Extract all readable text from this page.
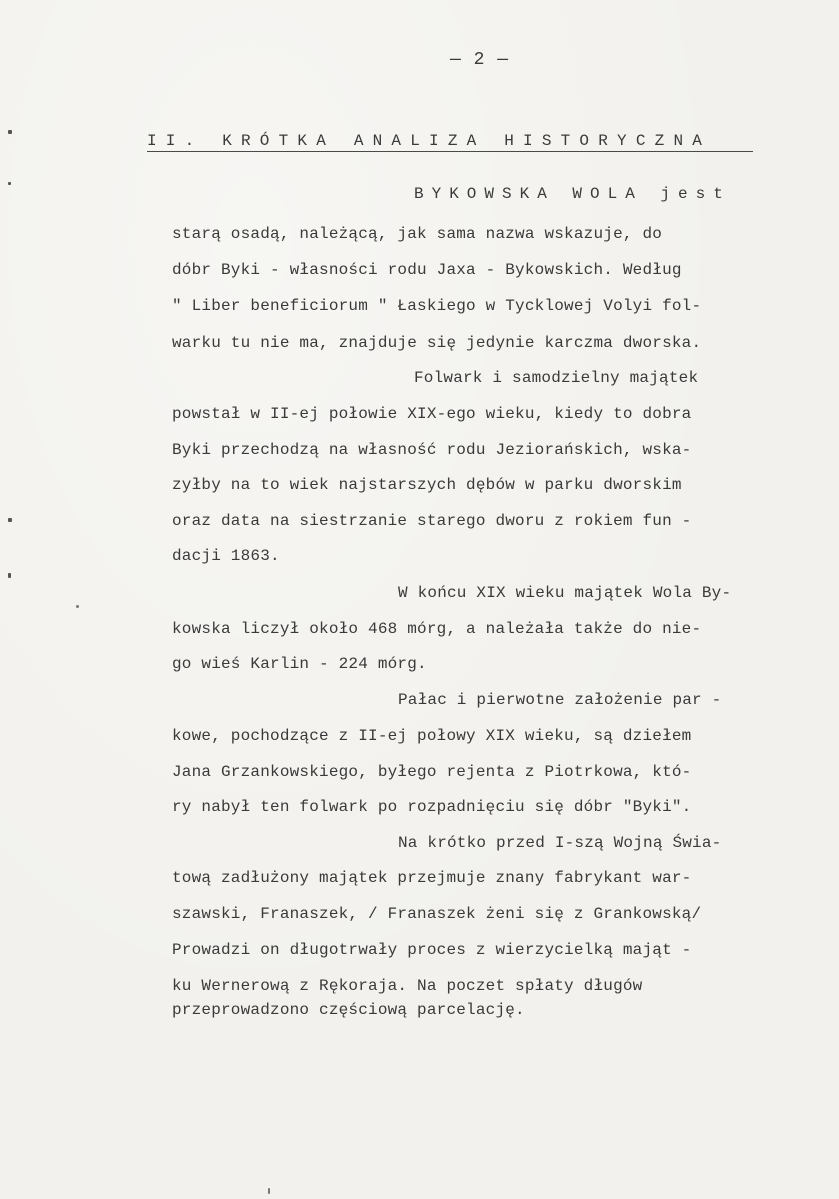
— 2 —
II. KRÓTKA ANALIZA HISTORYCZNA
BYKOWSKA WOLA jest
starą osadą, należącą, jak sama nazwa wskazuje, do
dóbr Byki - własności rodu Jaxa - Bykowskich. Według
" Liber beneficiorum " Łaskiego w Tycklowej Volyi fol-
warku tu nie ma, znajduje się jedynie karczma dworska.
Folwark i samodzielny majątek
powstał w II-ej połowie XIX-ego wieku, kiedy to dobra
Byki przechodzą na własność rodu Jeziorańskich, wska-
zyłby na to wiek najstarszych dębów w parku dworskim
oraz data na siestrzanie starego dworu z rokiem fun -
dacji 1863.
W końcu XIX wieku majątek Wola By-
kowska liczył około 468 mórg, a należała także do nie-
go wieś Karlin - 224 mórg.
Pałac i pierwotne założenie par -
kowe, pochodzące z II-ej połowy XIX wieku, są dziełem
Jana Grzankowskiego, byłego rejenta z Piotrkowa, któ-
ry nabył ten folwark po rozpadnięciu się dóbr "Byki".
Na krótko przed I-szą Wojną Świa-
tową zadłużony majątek przejmuje znany fabrykant war-
szawski, Franaszek, / Franaszek żeni się z Grankowską/
Prowadzi on długotrwały proces z wierzycielką mająt -
ku Wernerową z Rękoraja. Na poczet spłaty długów
przeprowadzono częściową parcelację.
